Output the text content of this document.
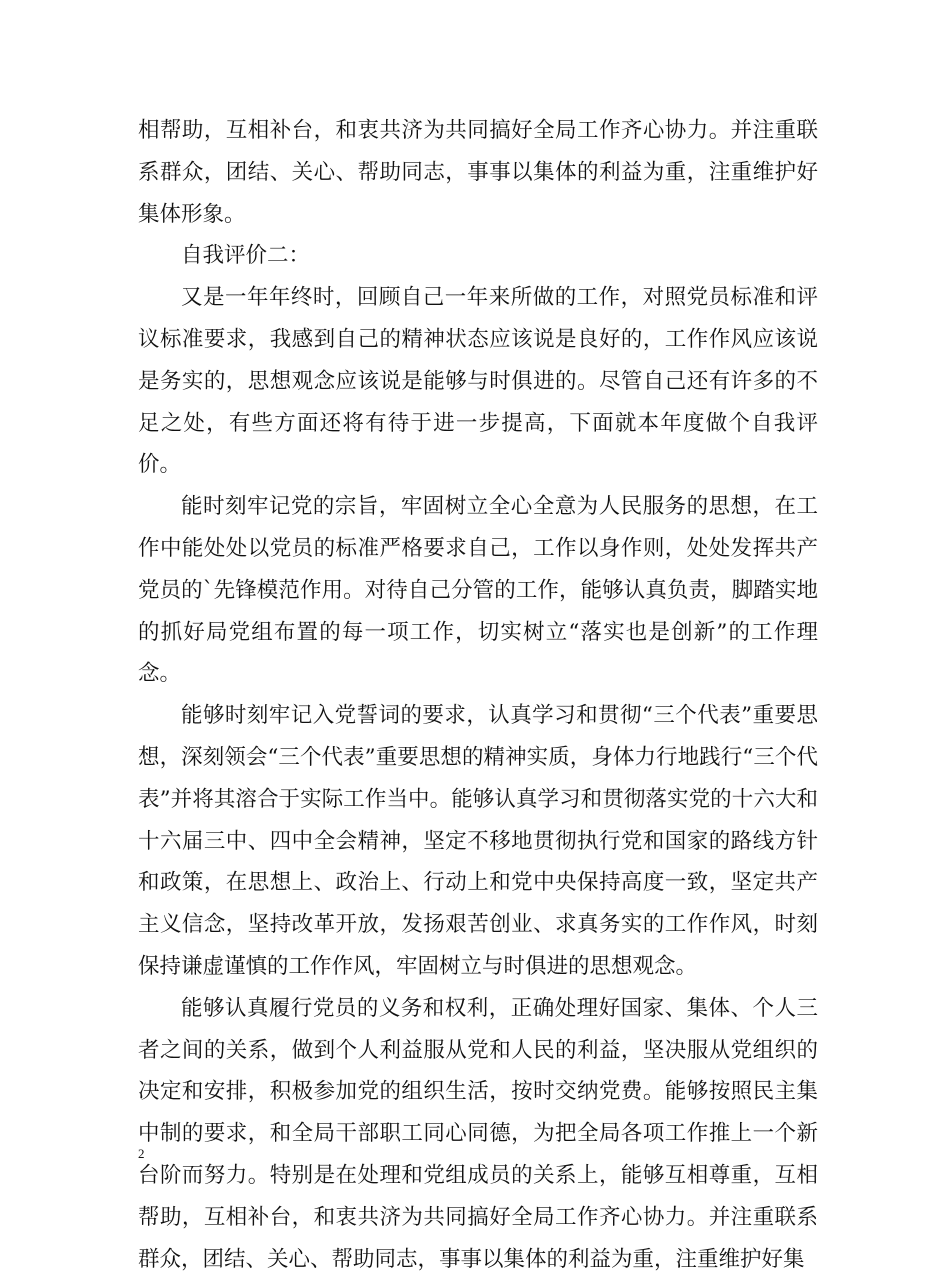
相帮助，互相补台，和衷共济为共同搞好全局工作齐心协力。并注重联系群众，团结、关心、帮助同志，事事以集体的利益为重，注重维护好集体形象。

自我评价二：

又是一年年终时，回顾自己一年来所做的工作，对照党员标准和评议标准要求，我感到自己的精神状态应该说是良好的，工作作风应该说是务实的，思想观念应该说是能够与时俱进的。尽管自己还有许多的不足之处，有些方面还将有待于进一步提高，下面就本年度做个自我评价。

能时刻牢记党的宗旨，牢固树立全心全意为人民服务的思想，在工作中能处处以党员的标准严格要求自己，工作以身作则，处处发挥共产党员的`先锋模范作用。对待自己分管的工作，能够认真负责，脚踏实地的抓好局党组布置的每一项工作，切实树立“落实也是创新”的工作理念。

能够时刻牢记入党誓词的要求，认真学习和贯彻“三个代表”重要思想，深刻领会“三个代表”重要思想的精神实质，身体力行地践行“三个代表”并将其溶合于实际工作当中。能够认真学习和贯彻落实党的十六大和十六届三中、四中全会精神，坚定不移地贯彻执行党和国家的路线方针和政策，在思想上、政治上、行动上和党中央保持高度一致，坚定共产主义信念，坚持改革开放，发扬艰苦创业、求真务实的工作作风，时刻保持谦虚谨慎的工作作风，牢固树立与时俱进的思想观念。

能够认真履行党员的义务和权利，正确处理好国家、集体、个人三者之间的关系，做到个人利益服从党和人民的利益，坚决服从党组织的决定和安排，积极参加党的组织生活，按时交纳党费。能够按照民主集中制的要求，和全局干部职工同心同德，为把全局各项工作推上一个新台阶而努力。特别是在处理和党组成员的关系上，能够互相尊重，互相帮助，互相补台，和衷共济为共同搞好全局工作齐心协力。并注重联系群众，团结、关心、帮助同志，事事以集体的利益为重，注重维护好集

2
